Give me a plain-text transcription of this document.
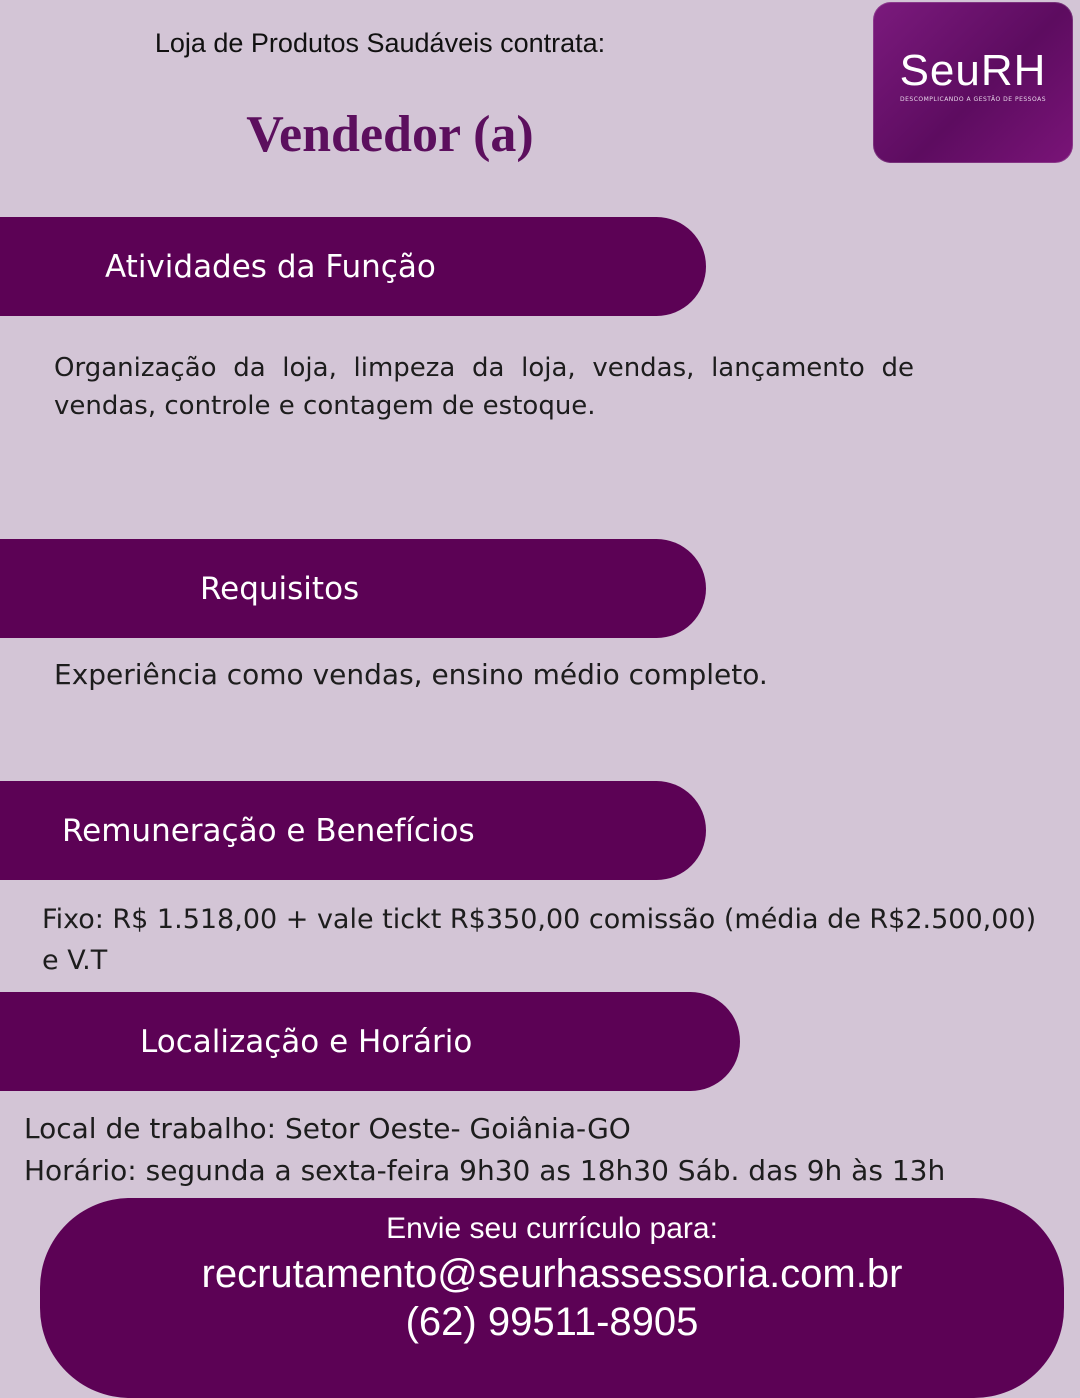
Loja de Produtos Saudáveis contrata:
Vendedor (a)
SeuRH
DESCOMPLICANDO A GESTÃO DE PESSOAS
Atividades da Função
Organização da loja, limpeza da loja, vendas, lançamento de vendas, controle e contagem de estoque.
Requisitos
Experiência como vendas, ensino médio completo.
Remuneração e Benefícios
Fixo: R$ 1.518,00 + vale tickt R$350,00 comissão (média de R$2.500,00) e V.T
Localização e Horário
Local de trabalho: Setor Oeste- Goiânia-GO
Horário: segunda a sexta-feira 9h30 as 18h30 Sáb. das 9h às 13h
Envie seu currículo para:
recrutamento@seurhassessoria.com.br
(62) 99511-8905
